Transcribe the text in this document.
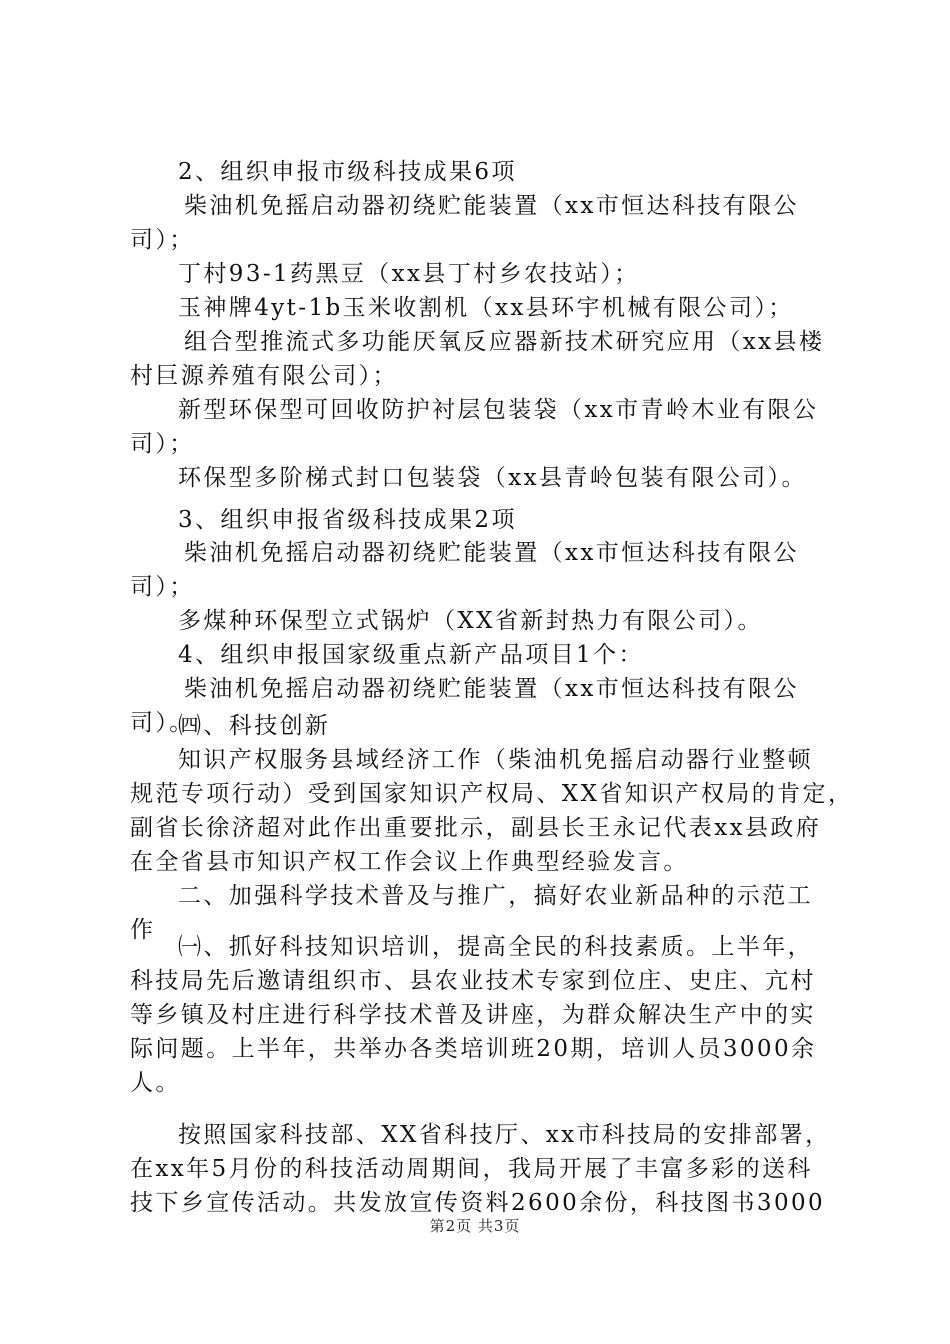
2、组织申报市级科技成果6项
柴油机免摇启动器初绕贮能装置（xx市恒达科技有限公
司）；
丁村93-1药黑豆（xx县丁村乡农技站）；
玉神牌4yt-1b玉米收割机（xx县环宇机械有限公司）；
组合型推流式多功能厌氧反应器新技术研究应用（xx县楼
村巨源养殖有限公司）；
新型环保型可回收防护衬层包装袋（xx市青岭木业有限公
司）；
环保型多阶梯式封口包装袋（xx县青岭包装有限公司）。
3、组织申报省级科技成果2项
柴油机免摇启动器初绕贮能装置（xx市恒达科技有限公
司）；
多煤种环保型立式锅炉（XX省新封热力有限公司）。
4、组织申报国家级重点新产品项目1个：
柴油机免摇启动器初绕贮能装置（xx市恒达科技有限公
司）。
㈣、科技创新
知识产权服务县域经济工作（柴油机免摇启动器行业整顿
规范专项行动）受到国家知识产权局、XX省知识产权局的肯定，
副省长徐济超对此作出重要批示，副县长王永记代表xx县政府
在全省县市知识产权工作会议上作典型经验发言。
二、加强科学技术普及与推广，搞好农业新品种的示范工
作
㈠、抓好科技知识培训，提高全民的科技素质。上半年，
科技局先后邀请组织市、县农业技术专家到位庄、史庄、亢村
等乡镇及村庄进行科学技术普及讲座，为群众解决生产中的实
际问题。上半年，共举办各类培训班20期，培训人员3000余
人。
第2页 共3页
按照国家科技部、XX省科技厅、xx市科技局的安排部署，
在xx年5月份的科技活动周期间，我局开展了丰富多彩的送科
技下乡宣传活动。共发放宣传资料2600余份，科技图书3000
